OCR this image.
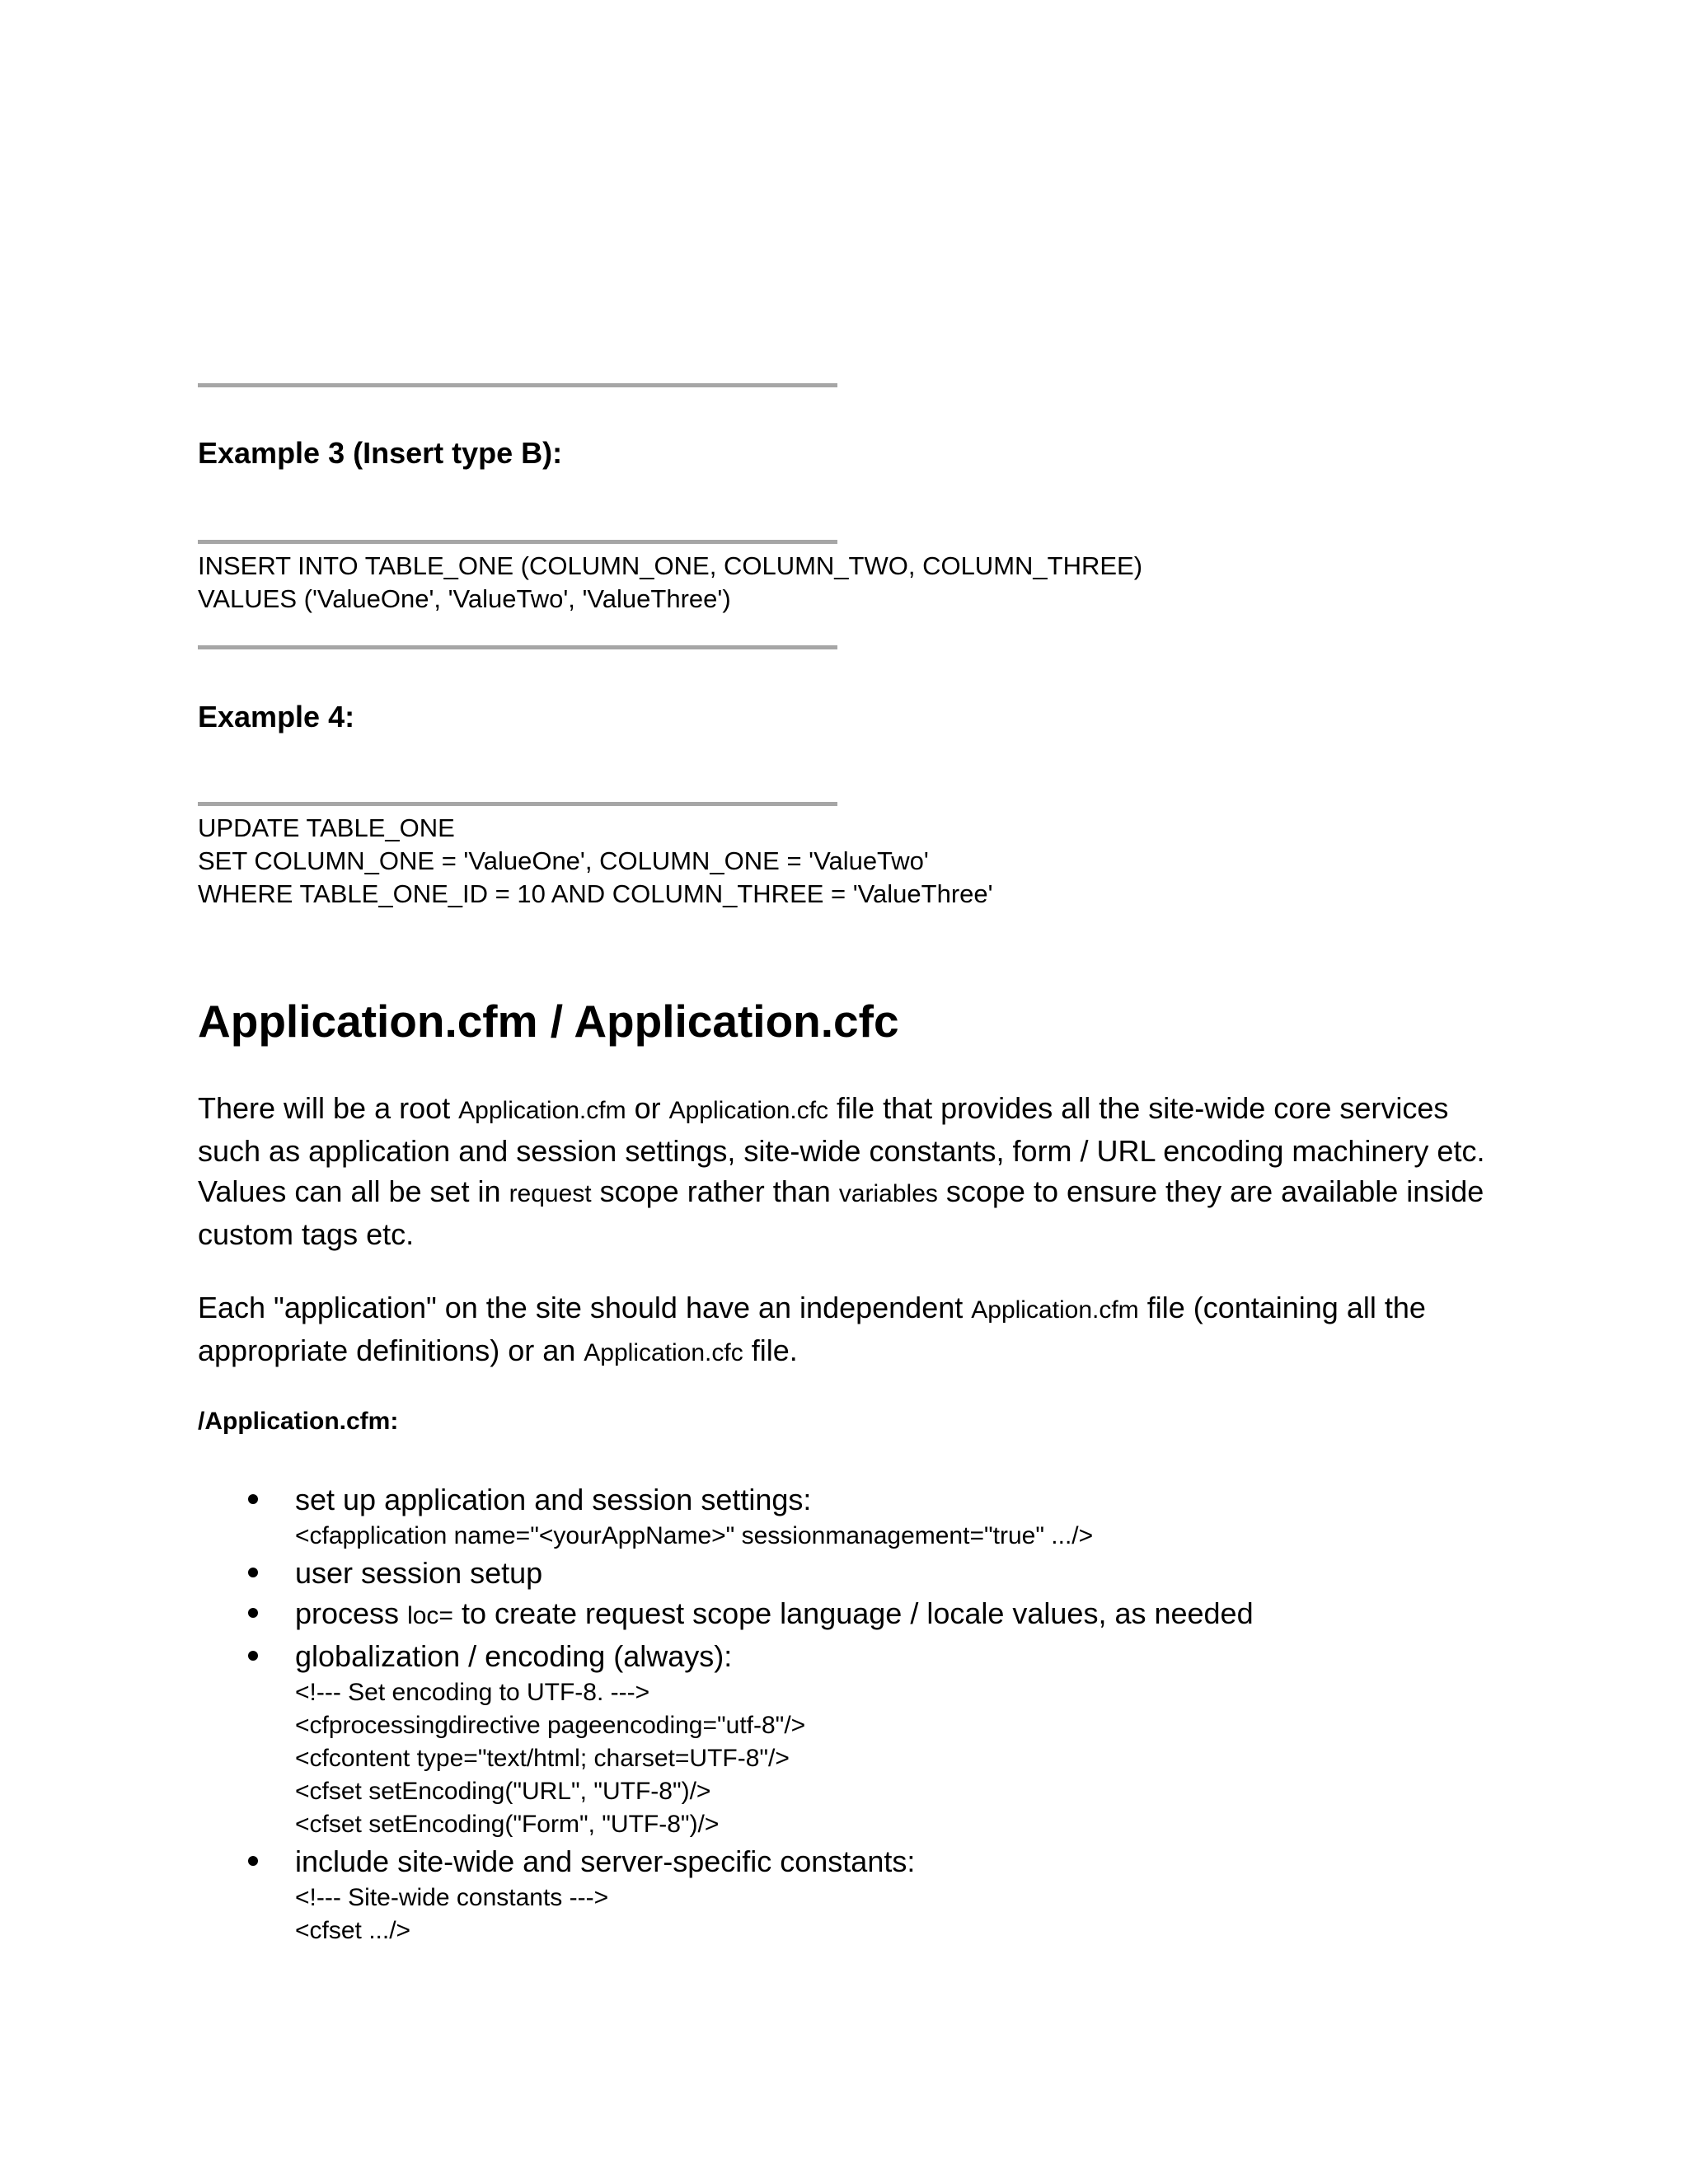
Example 3 (Insert type B):
INSERT INTO TABLE_ONE (COLUMN_ONE, COLUMN_TWO, COLUMN_THREE)
VALUES ('ValueOne', 'ValueTwo', 'ValueThree')
Example 4:
UPDATE TABLE_ONE
SET COLUMN_ONE = 'ValueOne', COLUMN_ONE = 'ValueTwo'
WHERE TABLE_ONE_ID = 10 AND COLUMN_THREE = 'ValueThree'
Application.cfm / Application.cfc
There will be a root Application.cfm or Application.cfc file that provides all the site-wide core services such as application and session settings, site-wide constants, form / URL encoding machinery etc. Values can all be set in request scope rather than variables scope to ensure they are available inside custom tags etc.
Each "application" on the site should have an independent Application.cfm file (containing all the appropriate definitions) or an Application.cfc file.
/Application.cfm:
set up application and session settings:
<cfapplication name="<yourAppName>" sessionmanagement="true" .../>
user session setup
process loc= to create request scope language / locale values, as needed
globalization / encoding (always):
<!--- Set encoding to UTF-8. --->
<cfprocessingdirective pageencoding="utf-8"/>
<cfcontent type="text/html; charset=UTF-8"/>
<cfset setEncoding("URL", "UTF-8")/>
<cfset setEncoding("Form", "UTF-8")/>
include site-wide and server-specific constants:
<!--- Site-wide constants --->
<cfset .../>
